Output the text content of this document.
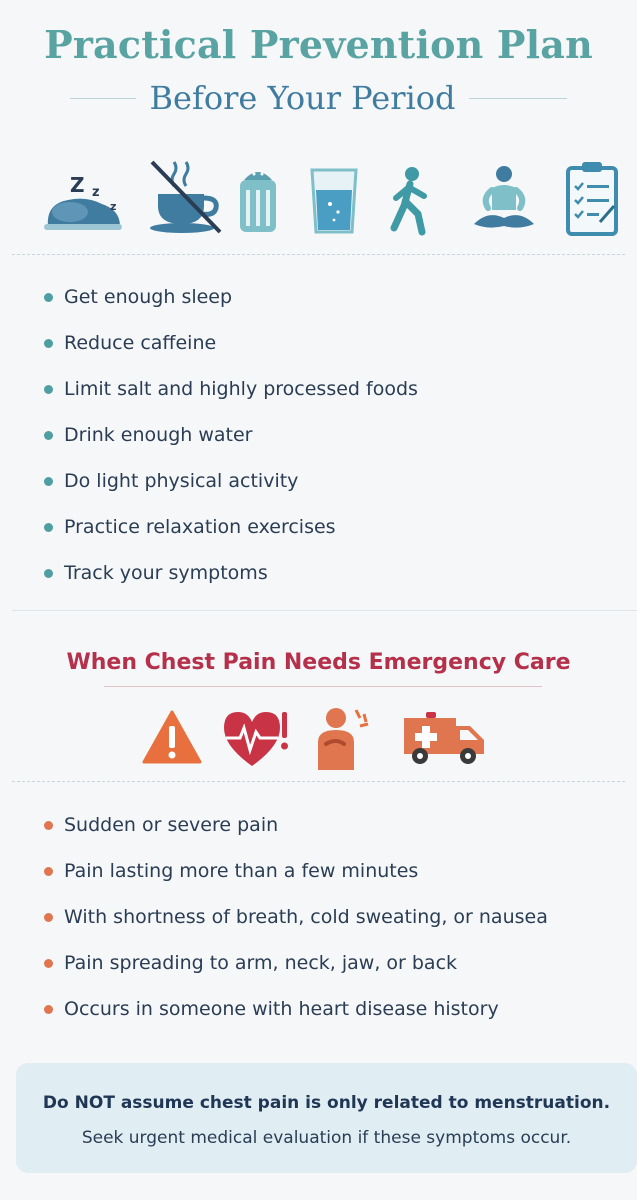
Practical Prevention Plan
Before Your Period
Z z
z
Get enough sleep
Reduce caffeine
Limit salt and highly processed foods
Drink enough water
Do light physical activity
Practice relaxation exercises
Track your symptoms
When Chest Pain Needs Emergency Care
Sudden or severe pain
Pain lasting more than a few minutes
With shortness of breath, cold sweating, or nausea
Pain spreading to arm, neck, jaw, or back
Occurs in someone with heart disease history
Do NOT assume chest pain is only related to menstruation.
Seek urgent medical evaluation if these symptoms occur.
